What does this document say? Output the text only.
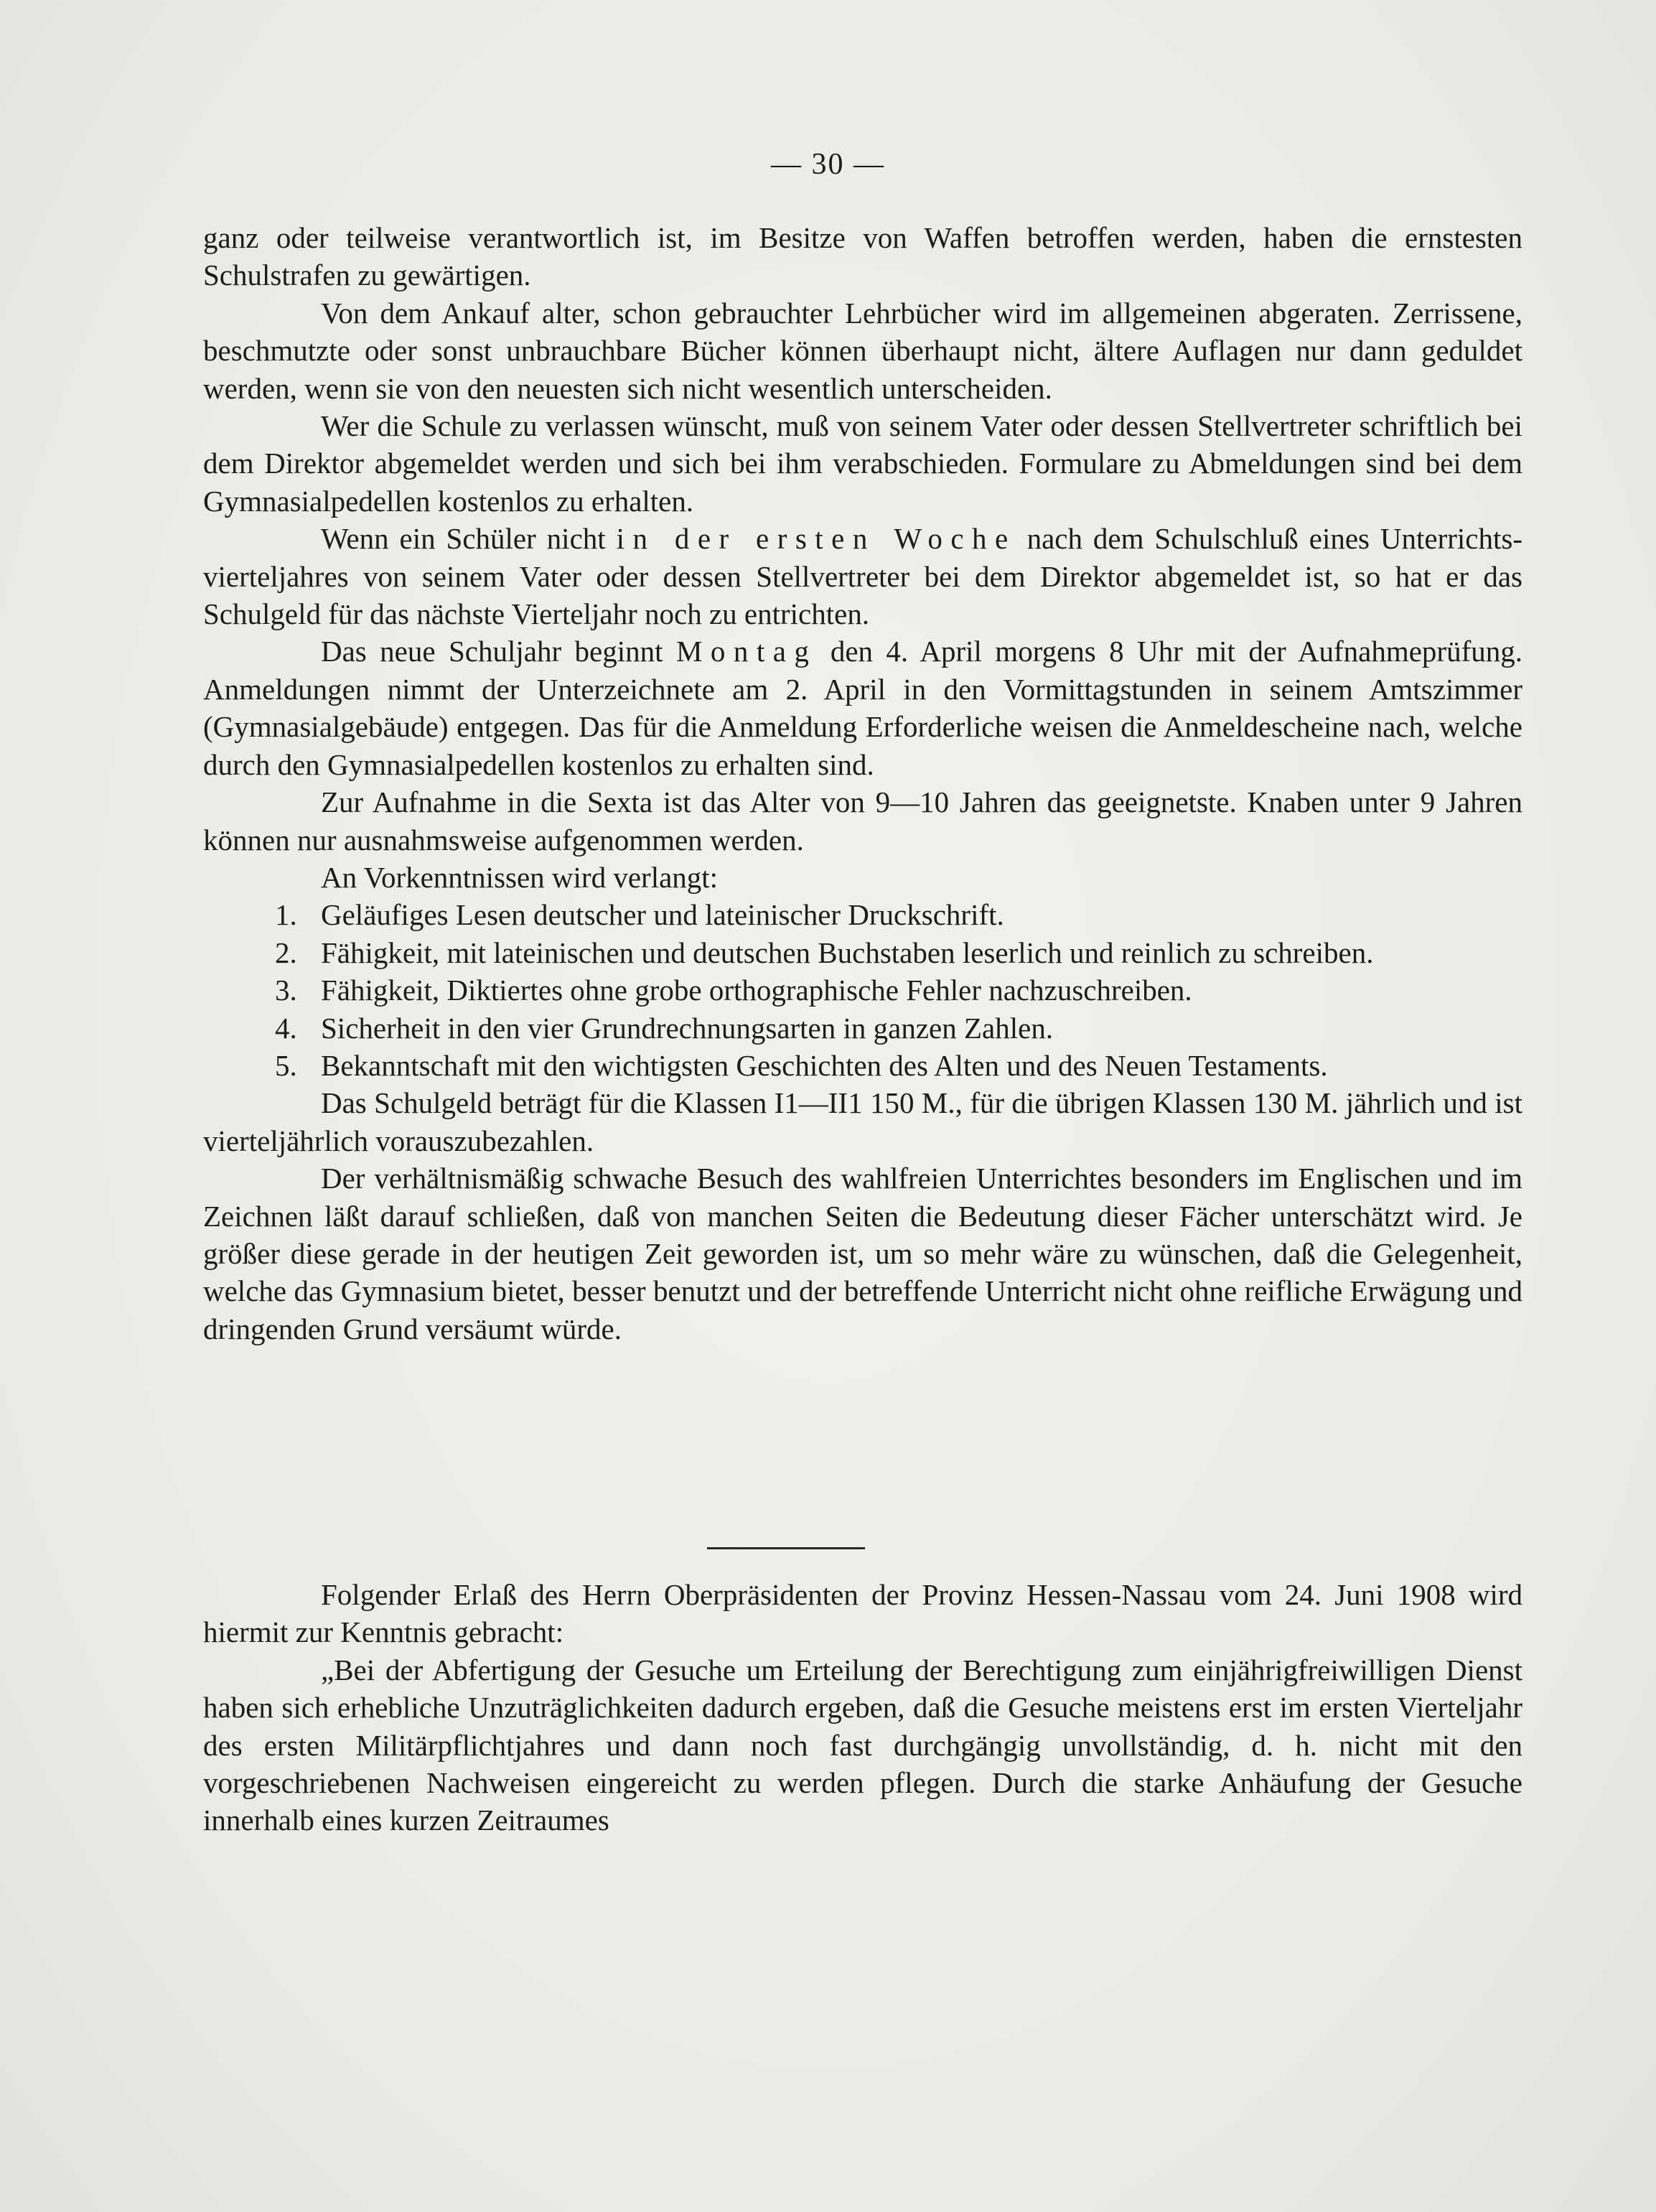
— 30 —

ganz oder teilweise verantwortlich ist, im Besitze von Waffen betroffen werden, haben die ernstesten Schulstrafen zu gewärtigen.

Von dem Ankauf alter, schon gebrauchter Lehrbücher wird im allgemeinen abgeraten. Zerrissene, beschmutzte oder sonst unbrauchbare Bücher können überhaupt nicht, ältere Auflagen nur dann geduldet werden, wenn sie von den neuesten sich nicht wesentlich unterscheiden.

Wer die Schule zu verlassen wünscht, muß von seinem Vater oder dessen Stellvertreter schriftlich bei dem Direktor abgemeldet werden und sich bei ihm verabschieden. Formulare zu Abmeldungen sind bei dem Gymnasialpedellen kostenlos zu erhalten.

Wenn ein Schüler nicht in der ersten Woche nach dem Schulschluß eines Unterrichtsvierteljahres von seinem Vater oder dessen Stellvertreter bei dem Direktor abgemeldet ist, so hat er das Schulgeld für das nächste Vierteljahr noch zu entrichten.

Das neue Schuljahr beginnt Montag den 4. April morgens 8 Uhr mit der Aufnahmeprüfung. Anmeldungen nimmt der Unterzeichnete am 2. April in den Vormittagstunden in seinem Amtszimmer (Gymnasialgebäude) entgegen. Das für die Anmeldung Erforderliche weisen die Anmeldescheine nach, welche durch den Gymnasialpedellen kostenlos zu erhalten sind.

Zur Aufnahme in die Sexta ist das Alter von 9—10 Jahren das geeignetste. Knaben unter 9 Jahren können nur ausnahmsweise aufgenommen werden.

An Vorkenntnissen wird verlangt:

1. Geläufiges Lesen deutscher und lateinischer Druckschrift.
2. Fähigkeit, mit lateinischen und deutschen Buchstaben leserlich und reinlich zu schreiben.
3. Fähigkeit, Diktiertes ohne grobe orthographische Fehler nachzuschreiben.
4. Sicherheit in den vier Grundrechnungsarten in ganzen Zahlen.
5. Bekanntschaft mit den wichtigsten Geschichten des Alten und des Neuen Testaments.

Das Schulgeld beträgt für die Klassen I1—II1 150 M., für die übrigen Klassen 130 M. jährlich und ist vierteljährlich vorauszubezahlen.

Der verhältnismäßig schwache Besuch des wahlfreien Unterrichtes besonders im Englischen und im Zeichnen läßt darauf schließen, daß von manchen Seiten die Bedeutung dieser Fächer unterschätzt wird. Je größer diese gerade in der heutigen Zeit geworden ist, um so mehr wäre zu wünschen, daß die Gelegenheit, welche das Gymnasium bietet, besser benutzt und der betreffende Unterricht nicht ohne reifliche Erwägung und dringenden Grund versäumt würde.

Folgender Erlaß des Herrn Oberpräsidenten der Provinz Hessen-Nassau vom 24. Juni 1908 wird hiermit zur Kenntnis gebracht:

„Bei der Abfertigung der Gesuche um Erteilung der Berechtigung zum einjährigfreiwilligen Dienst haben sich erhebliche Unzuträglichkeiten dadurch ergeben, daß die Gesuche meistens erst im ersten Vierteljahr des ersten Militärpflichtjahres und dann noch fast durchgängig unvollständig, d. h. nicht mit den vorgeschriebenen Nachweisen eingereicht zu werden pflegen. Durch die starke Anhäufung der Gesuche innerhalb eines kurzen Zeitraumes
